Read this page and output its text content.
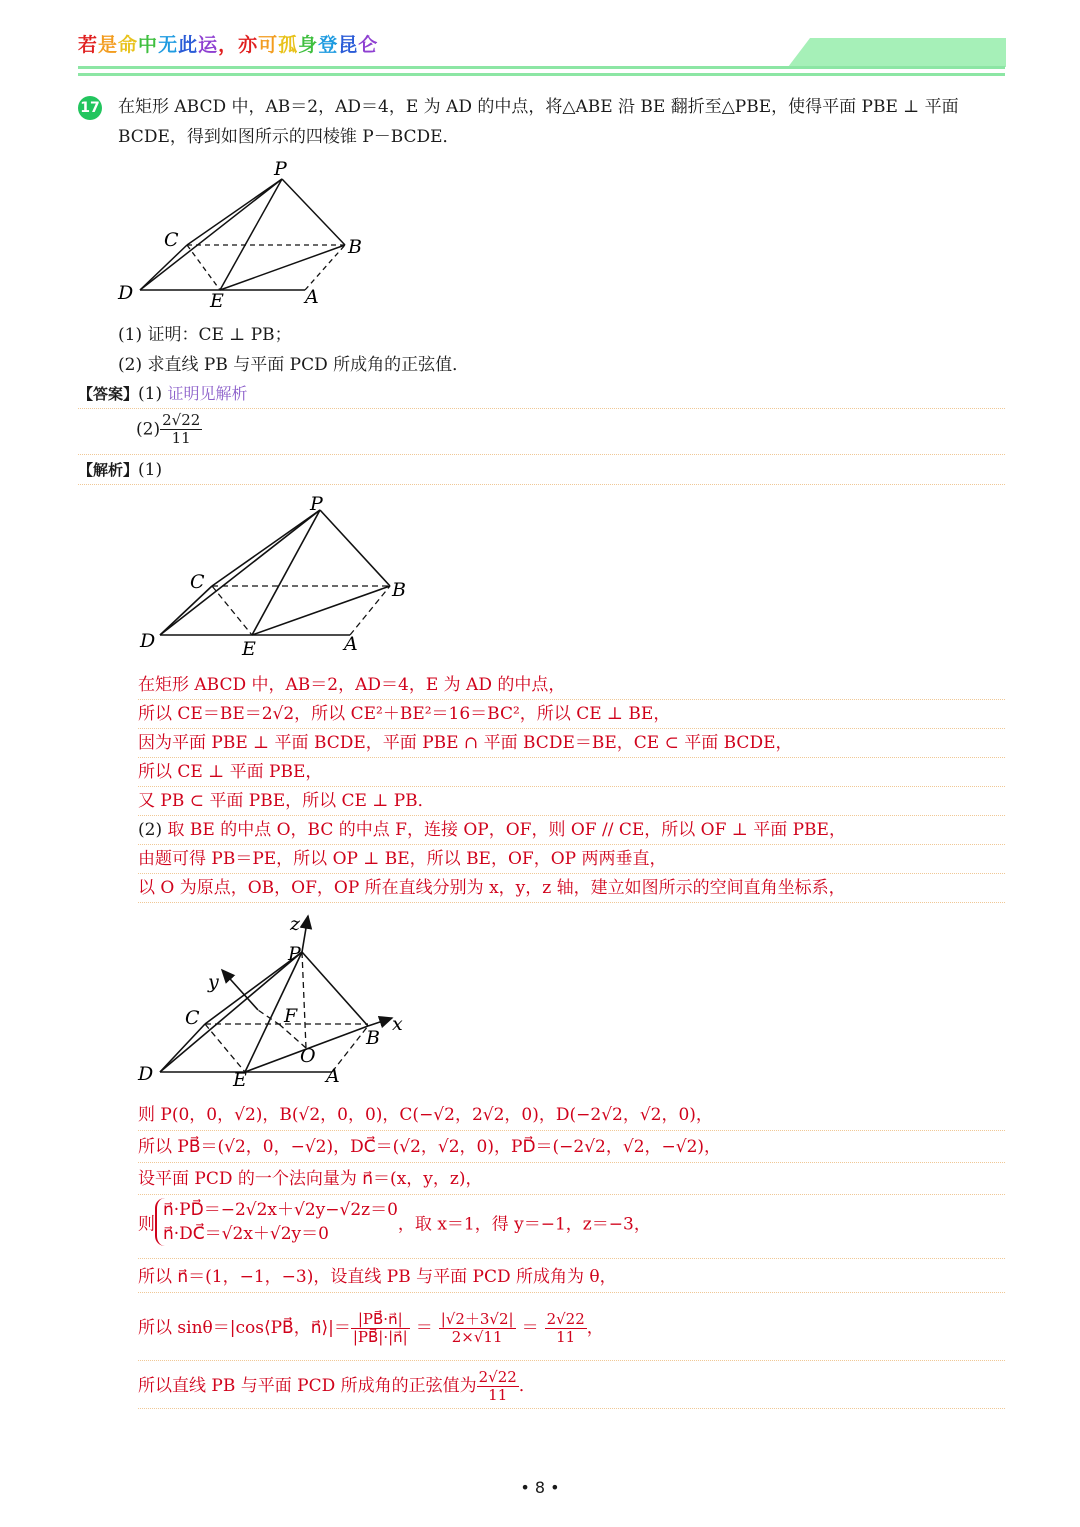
若是命中无此运，亦可孤身登昆仑
17 在矩形 ABCD 中，AB＝2，AD＝4，E 为 AD 的中点，将△ABE 沿 BE 翻折至△PBE，使得平面 PBE ⊥ 平面
BCDE，得到如图所示的四棱锥 P－BCDE．
P
B
C
D	E	A
(1) 证明：CE ⊥ PB；
(2) 求直线 PB 与平面 PCD 所成角的正弦值．
【答案】(1) 证明见解析
$(2) \frac{2√22}{11}$
【解析】(1)
P
B
C
D	E	A
在矩形 ABCD 中，AB＝2，AD＝4，E 为 AD 的中点，
所以 CE＝BE＝2√2，所以 CE²＋BE²＝16＝BC²，所以 CE ⊥ BE，
因为平面 PBE ⊥ 平面 BCDE，平面 PBE ∩ 平面 BCDE＝BE，CE ⊂ 平面 BCDE，
所以 CE ⊥ 平面 PBE，
又 PB ⊂ 平面 PBE，所以 CE ⊥ PB．
(2) 取 BE 的中点 O，BC 的中点 F，连接 OP，OF，则 OF // CE，所以 OF ⊥ 平面 PBE，
由题可得 PB＝PE，所以 OP ⊥ BE，所以 BE，OF，OP 两两垂直，
以 O 为原点，OB，OF，OP 所在直线分别为 x，y，z 轴，建立如图所示的空间直角坐标系，
z
P
y
C	F
B
x
O
D	E	A
则 P(0，0，√2)，B(√2，0，0)，C(−√2，2√2，0)，D(−2√2，√2，0)，
所以 PB⃗＝(√2，0，−√2)，DC⃗＝(√2，√2，0)，PD⃗＝(−2√2，√2，−√2)，
设平面 PCD 的一个法向量为 n⃗＝(x，y，z)，
则
n⃗·PD⃗＝−2√2x＋√2y−√2z＝0
n⃗·DC⃗＝√2x＋√2y＝0	，取 x＝1，得 y＝−1，z＝−3，
所以 n⃗＝(1，−1，−3)，设直线 PB 与平面 PCD 所成角为 θ，
所以 sinθ＝|cos⟨PB⃗，n⃗⟩|＝ $\frac{|PB⃗\cdot n⃗|}{|PB⃗|\cdot|n⃗|} = \frac{|√2+3√2|}{2\times√11} = \frac{2√22}{11}$ ，
所以直线 PB 与平面 PCD 所成角的正弦值为 $\frac{2√22}{11}$ ．
• 8 •
